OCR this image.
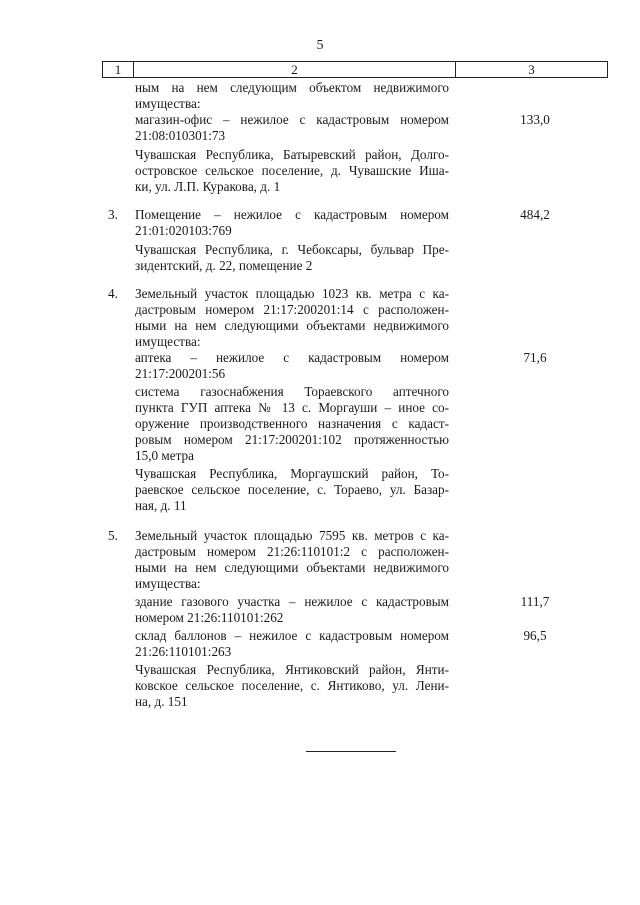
5
1	2	3
ным на нем следующим объектом недвижимого
имущества:
магазин-офис – нежилое с кадастровым номером
21:08:010301:73
Чувашская Республика, Батыревский район, Долго-
островское сельское поселение, д. Чувашские Иша-
ки, ул. Л.П. Куракова, д. 1
Помещение – нежилое с кадастровым номером
21:01:020103:769
Чувашская Республика, г. Чебоксары, бульвар Пре-
зидентский, д. 22, помещение 2
Земельный участок площадью 1023 кв. метра с ка-
дастровым номером 21:17:200201:14 с расположен-
ными на нем следующими объектами недвижимого
имущества:
аптека – нежилое с кадастровым номером
21:17:200201:56
система газоснабжения Тораевского аптечного
пункта ГУП аптека № 13 с. Моргауши – иное со-
оружение производственного назначения с кадаст-
ровым номером 21:17:200201:102 протяженностью
15,0 метра
Чувашская Республика, Моргаушский район, То-
раевское сельское поселение, с. Тораево, ул. Базар-
ная, д. 11
Земельный участок площадью 7595 кв. метров с ка-
дастровым номером 21:26:110101:2 с расположен-
ными на нем следующими объектами недвижимого
имущества:
здание газового участка – нежилое с кадастровым
номером 21:26:110101:262
склад баллонов – нежилое с кадастровым номером
21:26:110101:263
Чувашская Республика, Янтиковский район, Янти-
ковское сельское поселение, с. Янтиково, ул. Лени-
на, д. 151
3.
4.
5.
133,0
484,2
71,6
111,7
96,5
